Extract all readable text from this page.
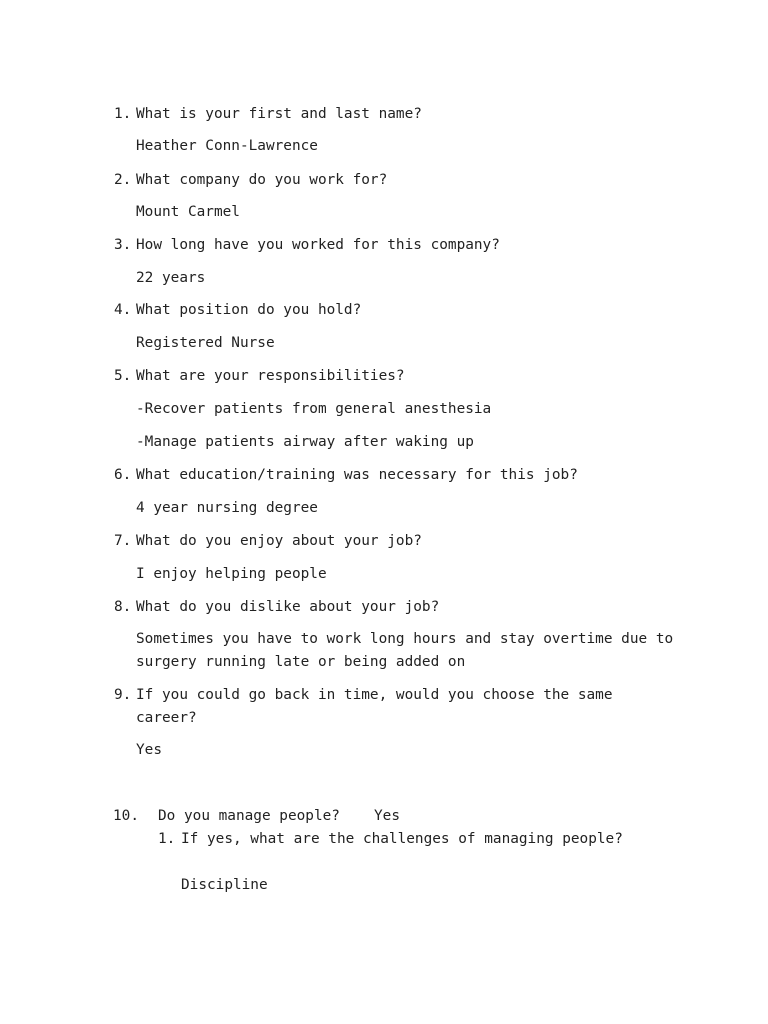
1. What is your first and last name?
Heather Conn-Lawrence
2. What company do you work for?
Mount Carmel
3. How long have you worked for this company?
22 years
4. What position do you hold?
Registered Nurse
5. What are your responsibilities?
-Recover patients from general anesthesia
-Manage patients airway after waking up
6. What education/training was necessary for this job?
4 year nursing degree
7. What do you enjoy about your job?
I enjoy helping people
8. What do you dislike about your job?
Sometimes you have to work long hours and stay overtime due to
surgery running late or being added on
9. If you could go back in time, would you choose the same
career?
Yes
10. Do you manage people? Yes
1. If yes, what are the challenges of managing people?
Discipline
